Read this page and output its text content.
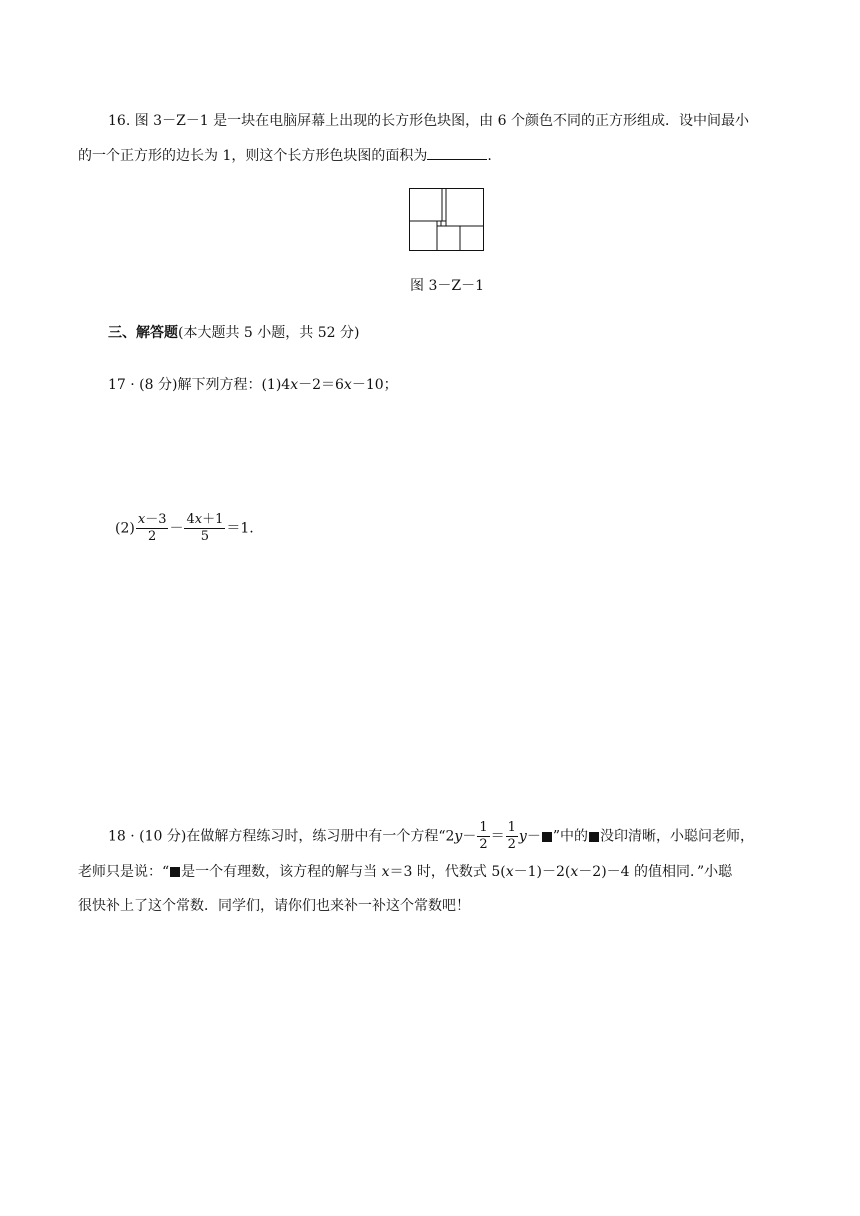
16. 图 3－Z－1 是一块在电脑屏幕上出现的长方形色块图，由 6 个颜色不同的正方形组成．设中间最小
的一个正方形的边长为 1，则这个长方形色块图的面积为	.
图 3－Z－1
三、解答题(本大题共 5 小题，共 52 分)
17 · (8 分)解下列方程：(1)4x－2＝6x－10；
$(2) \frac{x-3}{2} - \frac{4x+1}{5} =1$.
18 · (10 分)在做解方程练习时，练习册中有一个方程“$2y- \frac{1}{2} = \frac{1}{2} y-$ ”中的 没印清晰，小聪问老师，
老师只是说：“ 是一个有理数，该方程的解与当 x＝3 时，代数式 5(x－1)－2(x－2)－4 的值相同．”小聪
很快补上了这个常数．同学们，请你们也来补一补这个常数吧！
